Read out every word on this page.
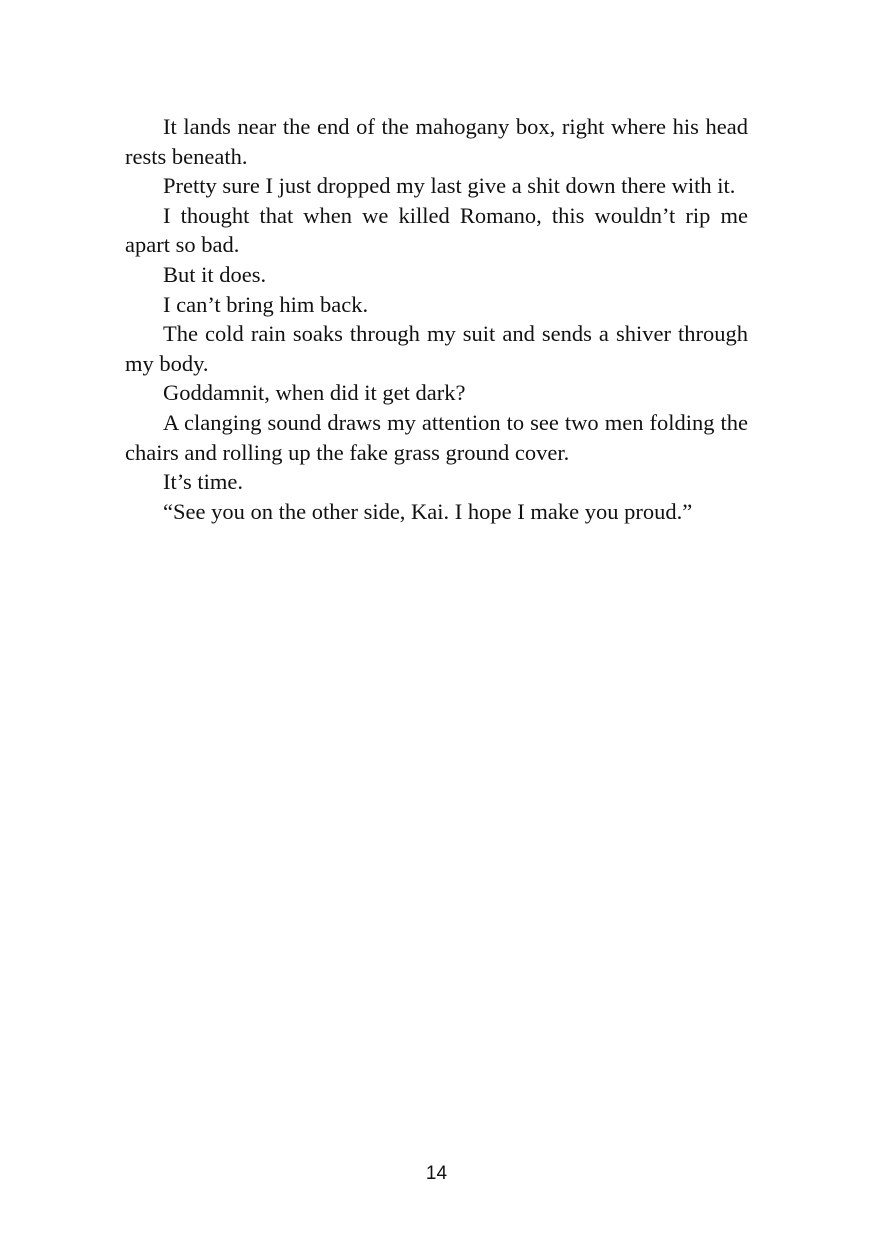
It lands near the end of the mahogany box, right where his head rests beneath.

Pretty sure I just dropped my last give a shit down there with it.

I thought that when we killed Romano, this wouldn’t rip me apart so bad.

But it does.

I can’t bring him back.

The cold rain soaks through my suit and sends a shiver through my body.

Goddamnit, when did it get dark?

A clanging sound draws my attention to see two men folding the chairs and rolling up the fake grass ground cover.

It’s time.

“See you on the other side, Kai. I hope I make you proud.”

14
